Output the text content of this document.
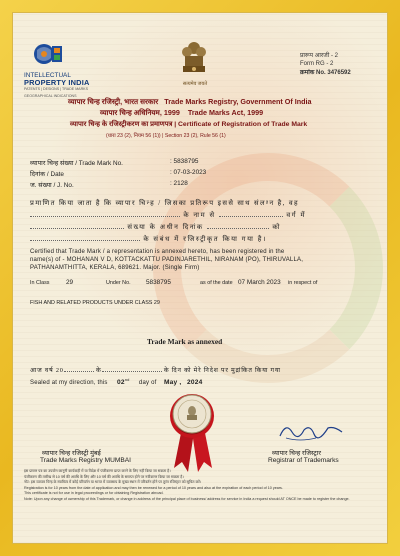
INTELLECTUAL
PROPERTY INDIA
PATENTS | DESIGNS | TRADE MARKS
GEOGRAPHICAL INDICATIONS
सत्यमेव जयते
प्रारूप आरजी - 2
Form RG - 2
क्रमांक No. 3476592
व्यापार चिन्ह रजिस्ट्री, भारत सरकार Trade Marks Registry, Government Of India
व्यापार चिन्ह अधिनियम, 1999 Trade Marks Act, 1999
व्यापार चिन्ह के रजिस्ट्रीकरण का प्रमाणपत्र | Certificate of Registration of Trade Mark
(धारा 23 (2), नियम 56 (1)) | Section 23 (2), Rule 56 (1)
व्यापार चिन्ह संख्या / Trade Mark No.	: 5838795
दिनांक / Date	: 07-03-2023
ज. संख्या / J. No.	: 2128
प्रमाणित किया जाता है कि व्यापार चिन्ह / जिसका प्रतिरूप इससे साथ संलग्न है, वह
के नाम से	वर्ग में
संख्या के अधीन दिनांक	को
के संबंध में रजिस्ट्रीकृत किया गया है।
Certified that Trade Mark / a representation is annexed hereto, has been registered in the
name(s) of - MOHANAN V D, KOTTACKATTU PADINJARETHIL, NIRANAM (PO), THIRUVALLA,
PATHANAMTHITTA, KERALA, 689621. Major. (Single Firm)
In Class	29	Under No. 5838795	as of the date 07 March 2023 in respect of
FISH AND RELATED PRODUCTS UNDER CLASS 29
Trade Mark as annexed
आज वर्ष 20	के	के दिन को मेरे निदेश पर मुद्रांकित किया गया
Sealed at my direction, this 02nd     day of May , 2024
व्यापार चिन्ह रजिस्ट्री मुंबई
Trade Marks Registry MUMBAI
व्यापार चिन्ह रजिस्ट्रार
Registrar of Trademarks
इस प्रमाण पत्र का उपयोग कानूनी कार्यवाही में या विदेश में पंजीकरण प्राप्त करने के लिए नहीं किया जा सकता है।
पंजीकरण की तारीख से 10 वर्ष की अवधि के लिए और 10 वर्ष की अवधि के समाप्त होने पर नवीकरण किया जा सकता है।
नोट: इस व्यापार चिन्ह के स्वामित्व में कोई परिवर्तन या भारत में व्यवसाय के मुख्य स्थान में परिवर्तन होने पर तुरंत रजिस्ट्रार को सूचित करें।
Registration is for 10 years from the date of application and may then be renewed for a period of 10 years and also at the expiration of each period of 10 years.
This certificate is not for use in legal proceedings or for obtaining Registration abroad.
Note: Upon any change of ownership of this Trademark, or change in address of the principal place of business/ address for service in India a request should AT ONCE be made to register the change.
